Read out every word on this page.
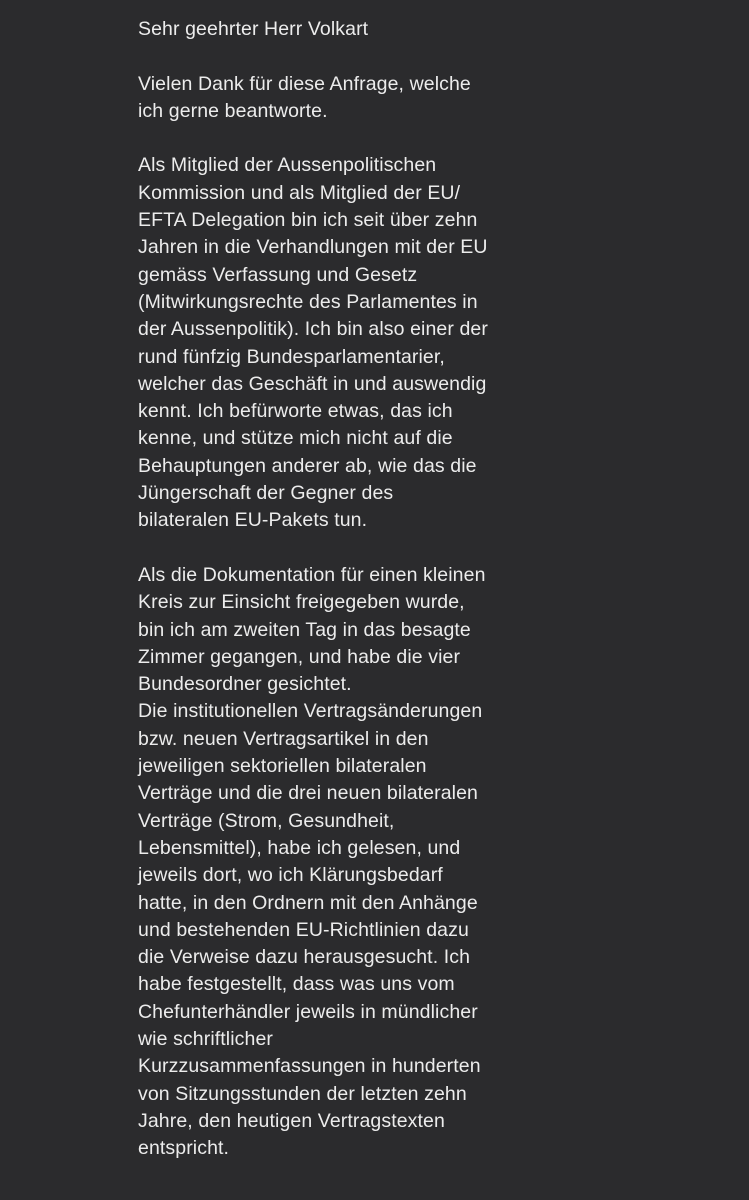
Sehr geehrter Herr Volkart
Vielen Dank für diese Anfrage, welche
ich gerne beantworte.
Als Mitglied der Aussenpolitischen
Kommission und als Mitglied der EU/
EFTA Delegation bin ich seit über zehn
Jahren in die Verhandlungen mit der EU
gemäss Verfassung und Gesetz
(Mitwirkungsrechte des Parlamentes in
der Aussenpolitik). Ich bin also einer der
rund fünfzig Bundesparlamentarier,
welcher das Geschäft in und auswendig
kennt. Ich befürworte etwas, das ich
kenne, und stütze mich nicht auf die
Behauptungen anderer ab, wie das die
Jüngerschaft der Gegner des
bilateralen EU-Pakets tun.
Als die Dokumentation für einen kleinen
Kreis zur Einsicht freigegeben wurde,
bin ich am zweiten Tag in das besagte
Zimmer gegangen, und habe die vier
Bundesordner gesichtet.
Die institutionellen Vertragsänderungen
bzw. neuen Vertragsartikel in den
jeweiligen sektoriellen bilateralen
Verträge und die drei neuen bilateralen
Verträge (Strom, Gesundheit,
Lebensmittel), habe ich gelesen, und
jeweils dort, wo ich Klärungsbedarf
hatte, in den Ordnern mit den Anhänge
und bestehenden EU-Richtlinien dazu
die Verweise dazu herausgesucht. Ich
habe festgestellt, dass was uns vom
Chefunterhändler jeweils in mündlicher
wie schriftlicher
Kurzzusammenfassungen in hunderten
von Sitzungsstunden der letzten zehn
Jahre, den heutigen Vertragstexten
entspricht.
